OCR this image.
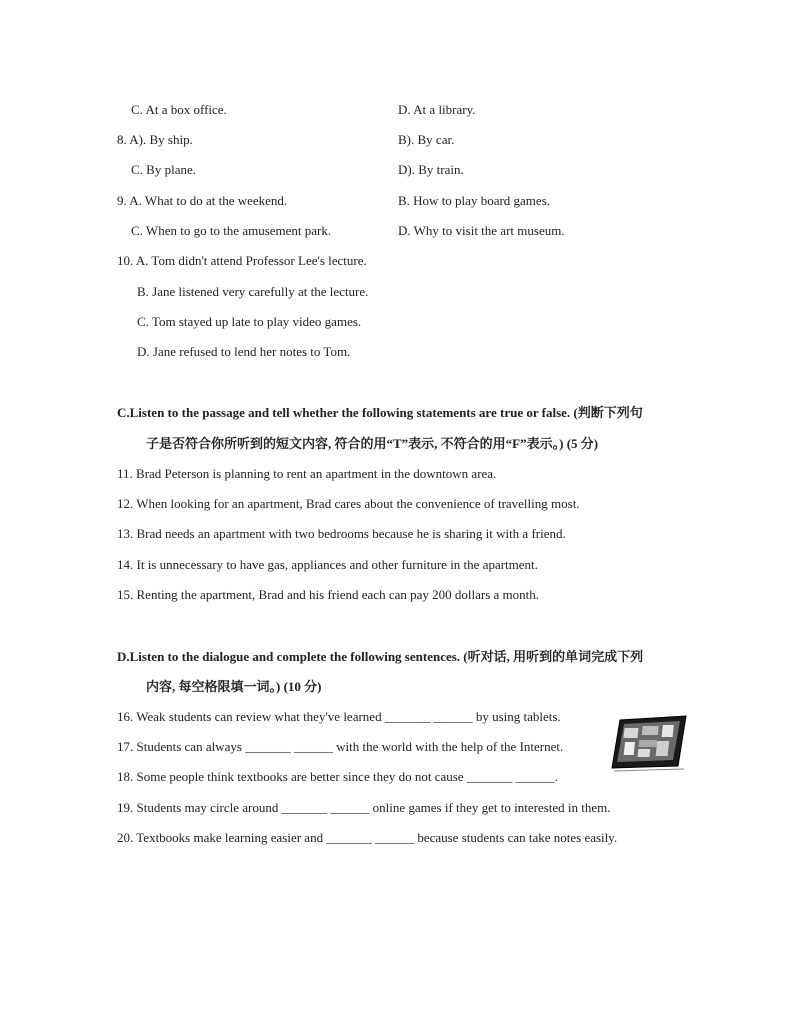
C. At a box office.	D. At a library.
8. A). By ship.	B). By car.
C. By plane.	D). By train.
9. A. What to do at the weekend.	B. How to play board games.
C. When to go to the amusement park.	D. Why to visit the art museum.
10. A. Tom didn't attend Professor Lee's lecture.
B. Jane listened very carefully at the lecture.
C. Tom stayed up late to play video games.
D. Jane refused to lend her notes to Tom.
C.Listen to the passage and tell whether the following statements are true or false. (判断下列句
子是否符合你所听到的短文内容, 符合的用“T”表示, 不符合的用“F”表示。) (5 分)
11. Brad Peterson is planning to rent an apartment in the downtown area.
12. When looking for an apartment, Brad cares about the convenience of travelling most.
13. Brad needs an apartment with two bedrooms because he is sharing it with a friend.
14. It is unnecessary to have gas, appliances and other furniture in the apartment.
15. Renting the apartment, Brad and his friend each can pay 200 dollars a month.
D.Listen to the dialogue and complete the following sentences. (听对话, 用听到的单词完成下列
内容, 每空格限填一词。) (10 分)
16. Weak students can review what they've learned _______ ______ by using tablets.
17. Students can always _______ ______ with the world with the help of the Internet.
18. Some people think textbooks are better since they do not cause _______ ______.
19. Students may circle around _______ ______ online games if they get to interested in them.
20. Textbooks make learning easier and _______ ______ because students can take notes easily.
